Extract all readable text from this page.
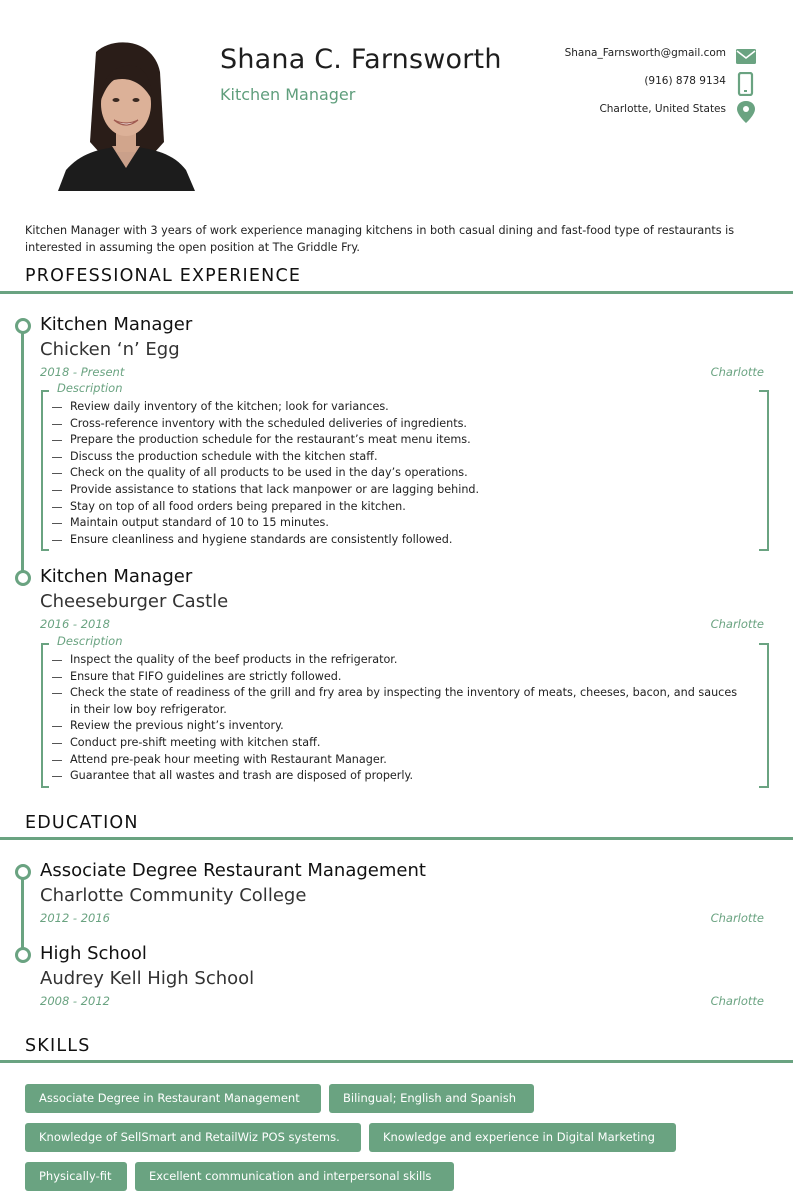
Shana C. Farnsworth
Kitchen Manager
Shana_Farnsworth@gmail.com
(916) 878 9134
Charlotte, United States
Kitchen Manager with 3 years of work experience managing kitchens in both casual dining and fast-food type of restaurants is interested in assuming the open position at The Griddle Fry.
PROFESSIONAL EXPERIENCE
Kitchen Manager
Chicken ‘n’ Egg
2018 - Present	Charlotte
Description
Review daily inventory of the kitchen; look for variances.
Cross-reference inventory with the scheduled deliveries of ingredients.
Prepare the production schedule for the restaurant’s meat menu items.
Discuss the production schedule with the kitchen staff.
Check on the quality of all products to be used in the day’s operations.
Provide assistance to stations that lack manpower or are lagging behind.
Stay on top of all food orders being prepared in the kitchen.
Maintain output standard of 10 to 15 minutes.
Ensure cleanliness and hygiene standards are consistently followed.
Kitchen Manager
Cheeseburger Castle
2016 - 2018	Charlotte
Description
Inspect the quality of the beef products in the refrigerator.
Ensure that FIFO guidelines are strictly followed.
Check the state of readiness of the grill and fry area by inspecting the inventory of meats, cheeses, bacon, and sauces in their low boy refrigerator.
Review the previous night’s inventory.
Conduct pre-shift meeting with kitchen staff.
Attend pre-peak hour meeting with Restaurant Manager.
Guarantee that all wastes and trash are disposed of properly.
EDUCATION
Associate Degree Restaurant Management
Charlotte Community College
2012 - 2016	Charlotte
High School
Audrey Kell High School
2008 - 2012	Charlotte
SKILLS
Associate Degree in Restaurant Management	Bilingual; English and Spanish
Knowledge of SellSmart and RetailWiz POS systems.	Knowledge and experience in Digital Marketing
Physically-fit	Excellent communication and interpersonal skills
